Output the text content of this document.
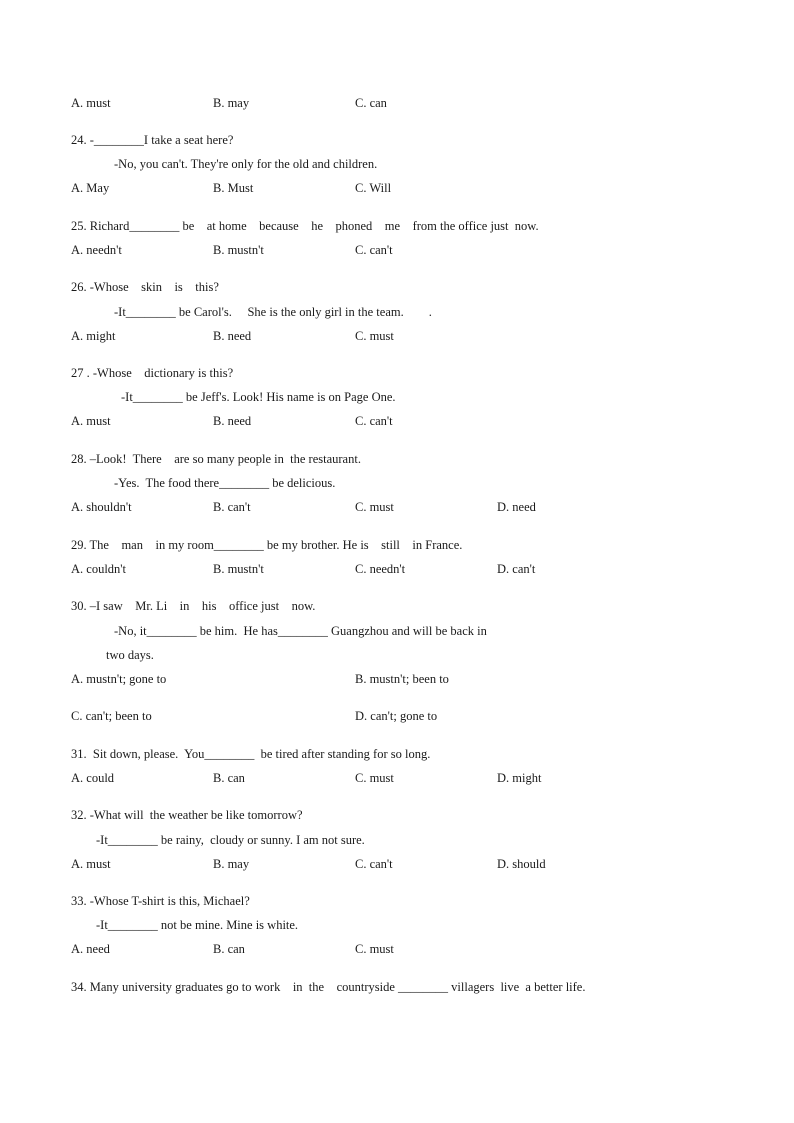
A. must	B. may	C. can
24. -________I take a seat here?
-No, you can't. They're only for the old and children.
A. May	B. Must	C. Will
25. Richard________ be    at home    because    he    phoned    me    from the office just  now.
A. needn't	B. mustn't	C. can't
26. -Whose    skin    is    this?
-It________ be Carol's.     She is the only girl in the team.        .
A. might	B. need	C. must
27 . -Whose    dictionary is this?
-It________ be Jeff's. Look! His name is on Page One.
A. must	B. need	C. can't
28. –Look!  There    are so many people in  the restaurant.
-Yes.  The food there________ be delicious.
A. shouldn't	B. can't	C. must	D. need
29. The    man    in my room________ be my brother. He is    still    in France.
A. couldn't	B. mustn't	C. needn't	D. can't
30. –I saw    Mr. Li    in    his    office just    now.
-No, it________ be him.  He has________ Guangzhou and will be back in
two days.
A. mustn't; gone to	B. mustn't; been to
C. can't; been to	D. can't; gone to
31.  Sit down, please.  You________  be tired after standing for so long.
A. could	B. can	C. must	D. might
32. -What will  the weather be like tomorrow?
-It________ be rainy,  cloudy or sunny. I am not sure.
A. must	B. may	C. can't	D. should
33. -Whose T-shirt is this, Michael?
-It________ not be mine. Mine is white.
A. need	B. can	C. must
34. Many university graduates go to work    in  the    countryside ________ villagers  live  a better life.
